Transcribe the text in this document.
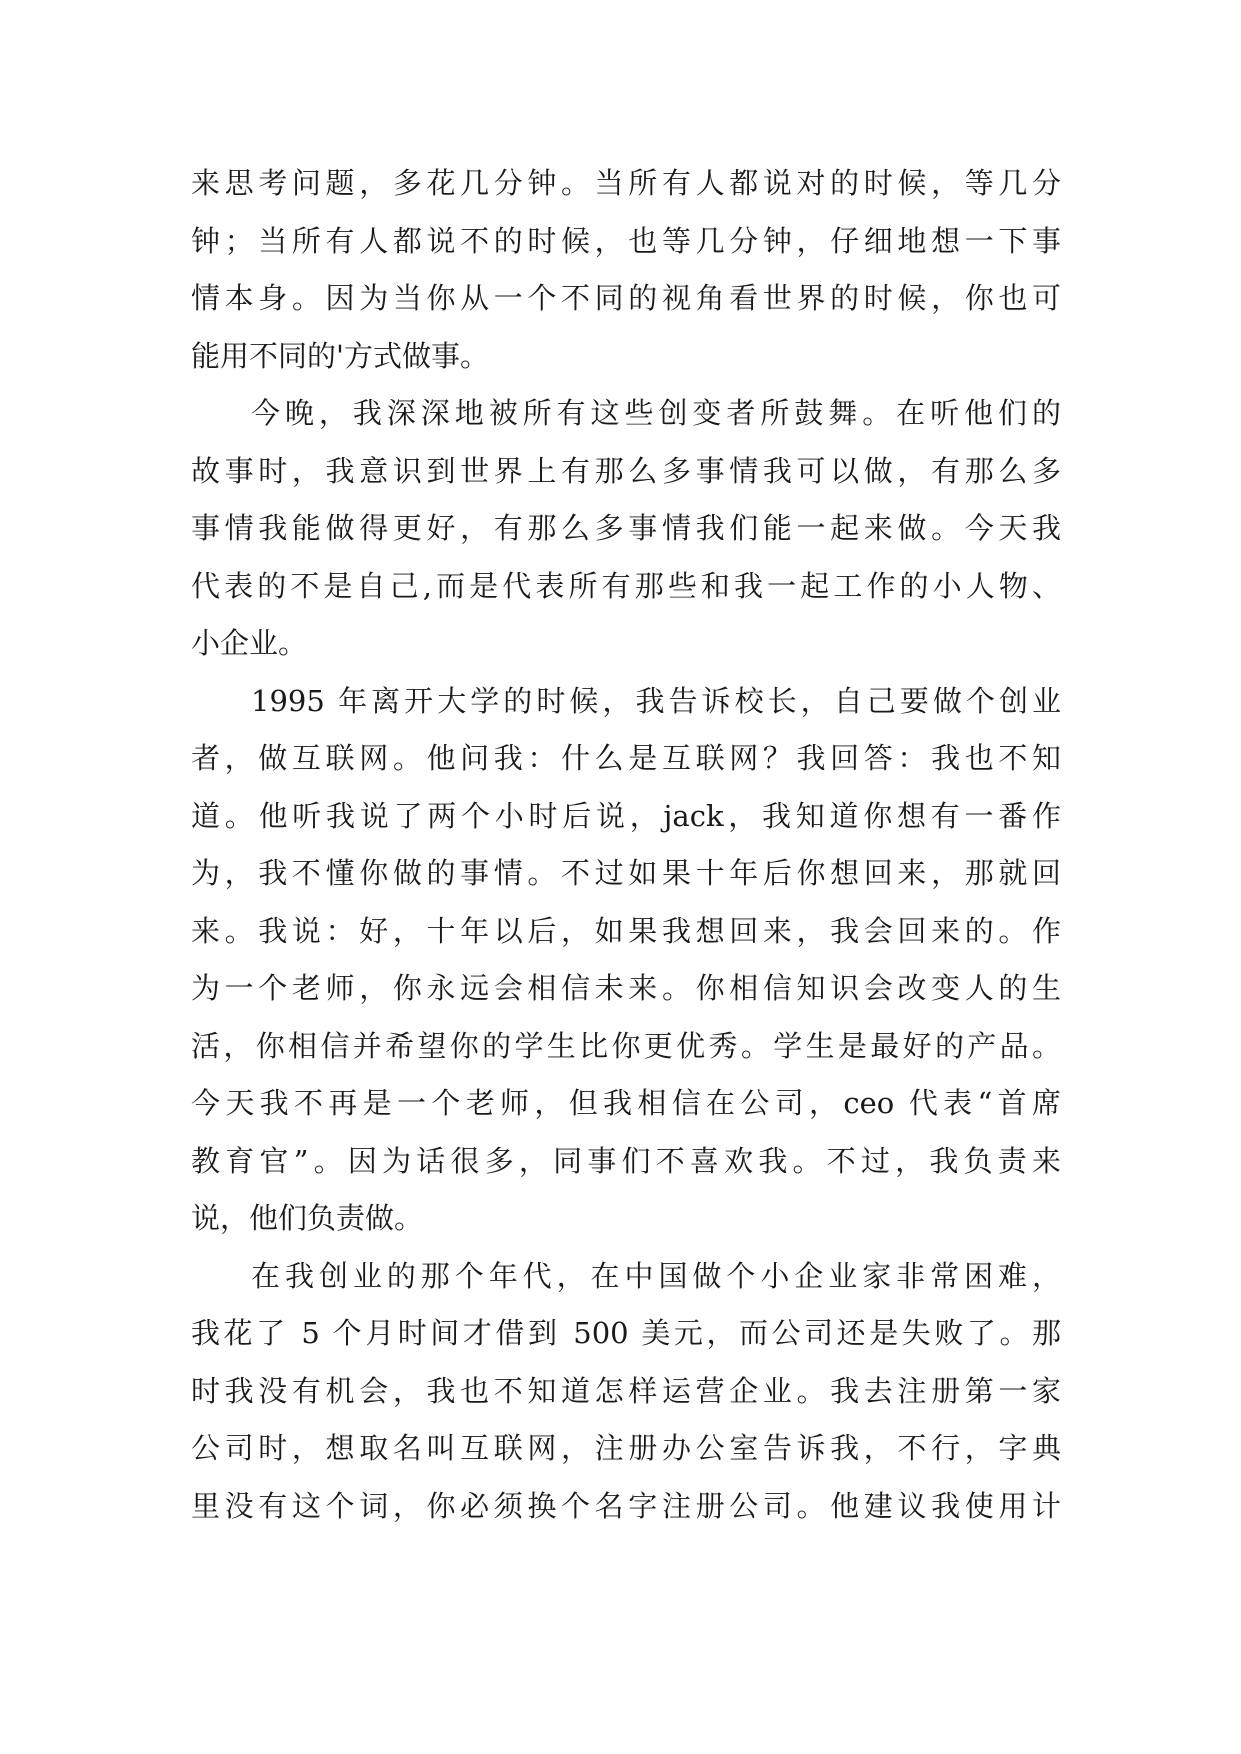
来思考问题，多花几分钟。当所有人都说对的时候，等几分
钟；当所有人都说不的时候，也等几分钟，仔细地想一下事
情本身。因为当你从一个不同的视角看世界的时候，你也可
能用不同的'方式做事。
今晚，我深深地被所有这些创变者所鼓舞。在听他们的
故事时，我意识到世界上有那么多事情我可以做，有那么多
事情我能做得更好，有那么多事情我们能一起来做。今天我
代表的不是自己,而是代表所有那些和我一起工作的小人物、
小企业。
1995 年离开大学的时候，我告诉校长，自己要做个创业
者，做互联网。他问我：什么是互联网？我回答：我也不知
道。他听我说了两个小时后说，jack，我知道你想有一番作
为，我不懂你做的事情。不过如果十年后你想回来，那就回
来。我说：好，十年以后，如果我想回来，我会回来的。作
为一个老师，你永远会相信未来。你相信知识会改变人的生
活，你相信并希望你的学生比你更优秀。学生是最好的产品。
今天我不再是一个老师，但我相信在公司，ceo 代表“首席
教育官”。因为话很多，同事们不喜欢我。不过，我负责来
说，他们负责做。
在我创业的那个年代，在中国做个小企业家非常困难，
我花了 5 个月时间才借到 500 美元，而公司还是失败了。那
时我没有机会，我也不知道怎样运营企业。我去注册第一家
公司时，想取名叫互联网，注册办公室告诉我，不行，字典
里没有这个词，你必须换个名字注册公司。他建议我使用计
